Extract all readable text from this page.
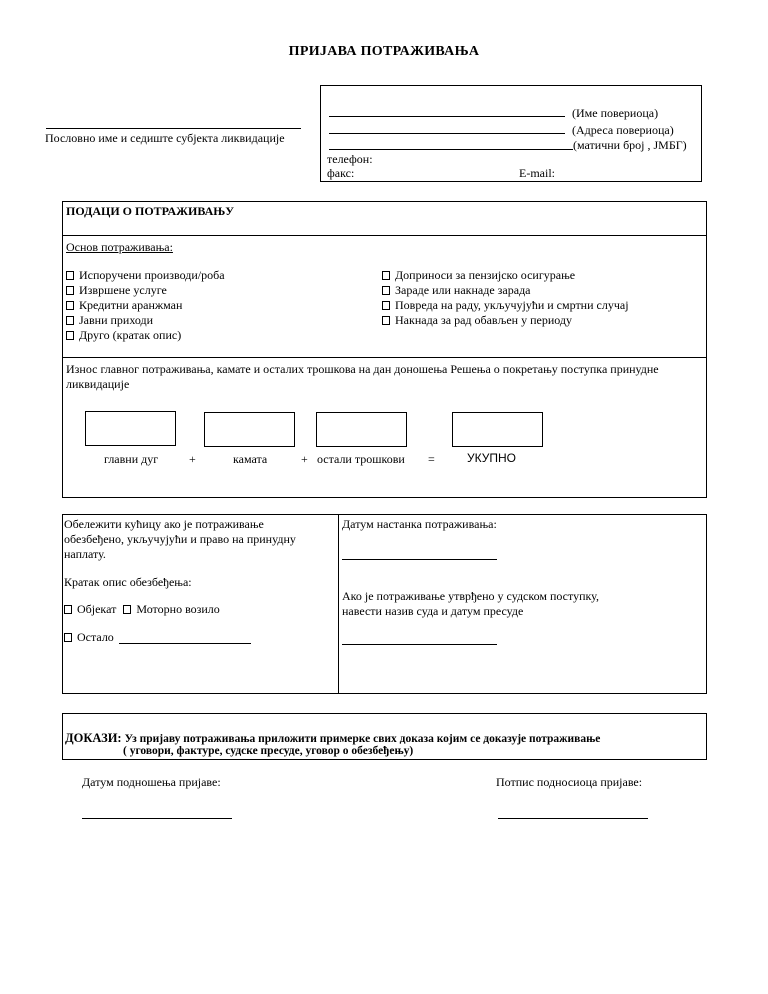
ПРИЈАВА ПОТРАЖИВАЊА
Пословно име и седиште субјекта ликвидације
(Име повериоца)
(Адреса повериоца)
(матични број , ЈМБГ)
телефон:
факс:	E-mail:
ПОДАЦИ О ПОТРАЖИВАЊУ
Основ потраживања:
Испоручени производи/роба
Извршене услуге
Кредитни аранжман
Јавни приходи
Друго (кратак опис)
Доприноси за пензијско осигурање
Зараде или накнаде зарада
Повреда на раду, укључујући и смртни случај
Накнада за рад обављен у периоду
Износ главног потраживања, камате и осталих трошкова на дан доношења Решења о покретању поступка принудне ликвидације
главни дуг	+	камата	+ остали трошкови =	УКУПНО
Обележити кућицу ако је потраживање обезбеђено, укључујући и право на принудну наплату.
Кратак опис обезбеђења:
Објекат Моторно возило
Остало
Датум настанка потраживања:
Ако је потраживање утврђено у судском поступку,
навести назив суда и датум пресуде
ДОКАЗИ: Уз пријаву потраживања приложити примерке свих доказа којим се доказује потраживање
( уговори, фактуре, судске пресуде, уговор о обезбеђењу)
Датум подношења пријаве:	Потпис подносиоца пријаве:
